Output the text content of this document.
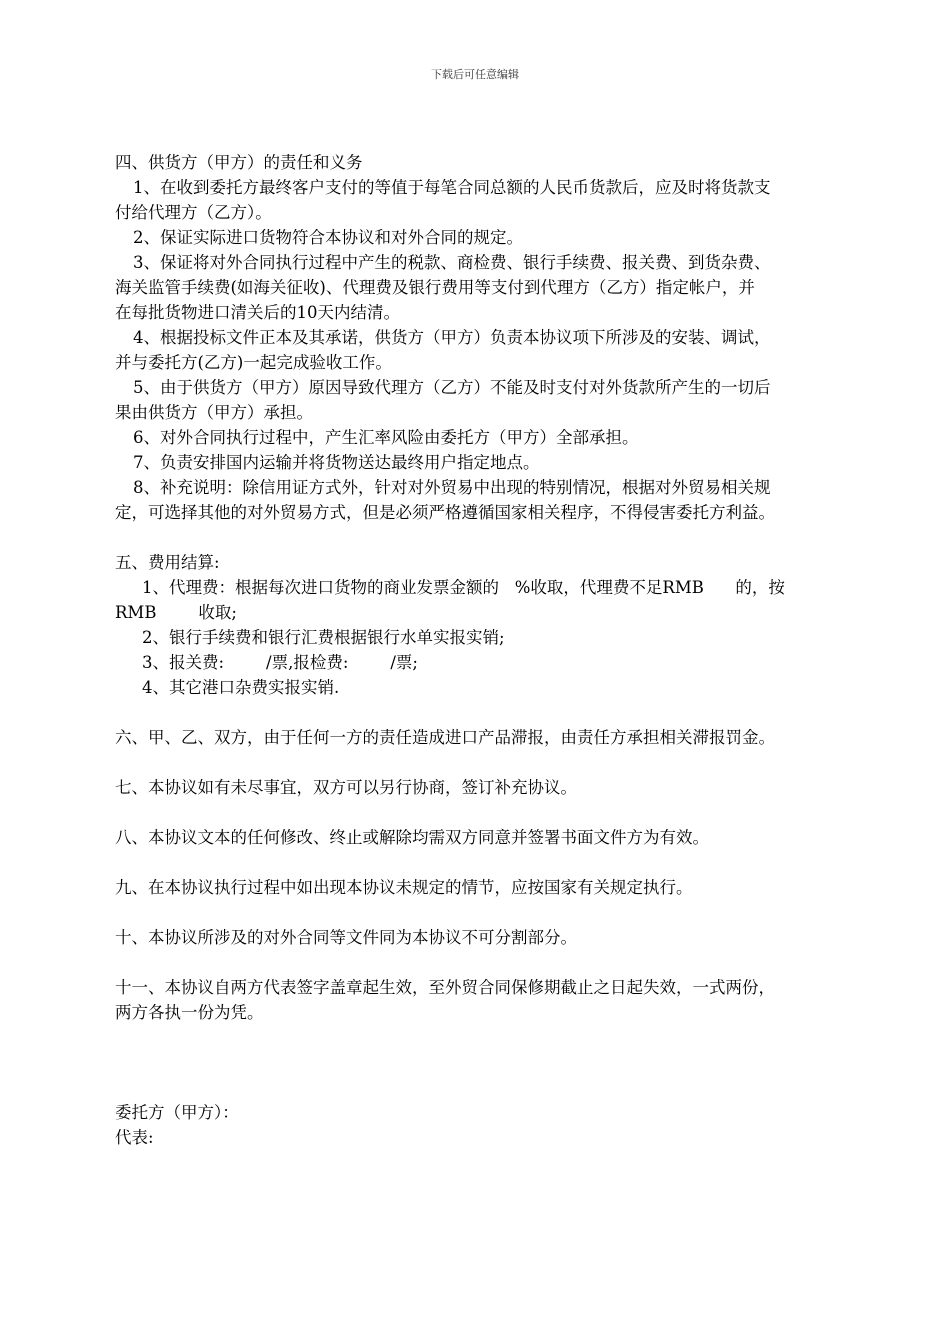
下载后可任意编辑
四、供货方（甲方）的责任和义务
1、在收到委托方最终客户支付的等值于每笔合同总额的人民币货款后，应及时将货款支
付给代理方（乙方）。
2、保证实际进口货物符合本协议和对外合同的规定。
3、保证将对外合同执行过程中产生的税款、商检费、银行手续费、报关费、到货杂费、
海关监管手续费(如海关征收)、代理费及银行费用等支付到代理方（乙方）指定帐户，并
在每批货物进口清关后的10天内结清。
4、根据投标文件正本及其承诺，供货方（甲方）负责本协议项下所涉及的安装、调试，
并与委托方(乙方)一起完成验收工作。
5、由于供货方（甲方）原因导致代理方（乙方）不能及时支付对外货款所产生的一切后
果由供货方（甲方）承担。
6、对外合同执行过程中，产生汇率风险由委托方（甲方）全部承担。
7、负责安排国内运输并将货物送达最终用户指定地点。
8、补充说明：除信用证方式外，针对对外贸易中出现的特别情况，根据对外贸易相关规
定，可选择其他的对外贸易方式，但是必须严格遵循国家相关程序，不得侵害委托方利益。
五、费用结算:
1、代理费：根据每次进口货物的商业发票金额的   %收取，代理费不足RMB      的，按
RMB        收取;
2、银行手续费和银行汇费根据银行水单实报实销;
3、报关费:        /票,报检费:        /票;
4、其它港口杂费实报实销.
六、甲、乙、双方，由于任何一方的责任造成进口产品滞报，由责任方承担相关滞报罚金。
七、本协议如有未尽事宜，双方可以另行协商，签订补充协议。
八、本协议文本的任何修改、终止或解除均需双方同意并签署书面文件方为有效。
九、在本协议执行过程中如出现本协议未规定的情节，应按国家有关规定执行。
十、本协议所涉及的对外合同等文件同为本协议不可分割部分。
十一、本协议自两方代表签字盖章起生效，至外贸合同保修期截止之日起失效，一式两份，
两方各执一份为凭。
委托方（甲方）：
代表:
